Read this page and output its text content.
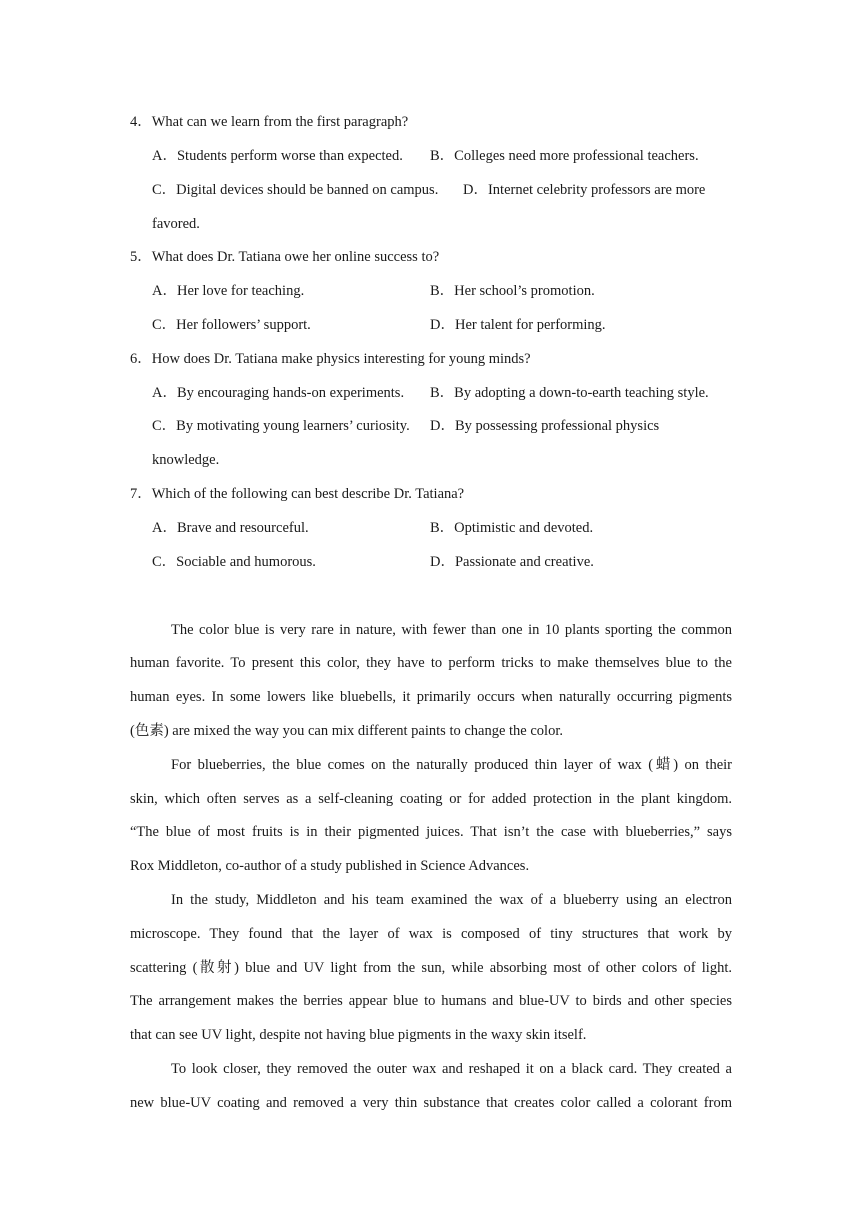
4．What can we learn from the first paragraph?
A．Students perform worse than expected. B．Colleges need more professional teachers.
C．Digital devices should be banned on campus. D．Internet celebrity professors are more
favored.
5．What does Dr. Tatiana owe her online success to?
A．Her love for teaching.	B．Her school’s promotion.
C．Her followers’ support.	D．Her talent for performing.
6．How does Dr. Tatiana make physics interesting for young minds?
A．By encouraging hands-on experiments. B．By adopting a down-to-earth teaching style.
C．By motivating young learners’ curiosity. D．By possessing professional physics
knowledge.
7．Which of the following can best describe Dr. Tatiana?
A．Brave and resourceful.	B．Optimistic and devoted.
C．Sociable and humorous.	D．Passionate and creative.
The color blue is very rare in nature, with fewer than one in 10 plants sporting the common
human favorite. To present this color, they have to perform tricks to make themselves blue to the
human eyes. In some lowers like bluebells, it primarily occurs when naturally occurring pigments
(色素) are mixed the way you can mix different paints to change the color.
For blueberries, the blue comes on the naturally produced thin layer of wax (蜡) on their
skin, which often serves as a self-cleaning coating or for added protection in the plant kingdom.
“The blue of most fruits is in their pigmented juices. That isn’t the case with blueberries,” says
Rox Middleton, co-author of a study published in Science Advances.
In the study, Middleton and his team examined the wax of a blueberry using an electron
microscope. They found that the layer of wax is composed of tiny structures that work by
scattering (散射) blue and UV light from the sun, while absorbing most of other colors of light.
The arrangement makes the berries appear blue to humans and blue-UV to birds and other species
that can see UV light, despite not having blue pigments in the waxy skin itself.
To look closer, they removed the outer wax and reshaped it on a black card. They created a
new blue-UV coating and removed a very thin substance that creates color called a colorant from
